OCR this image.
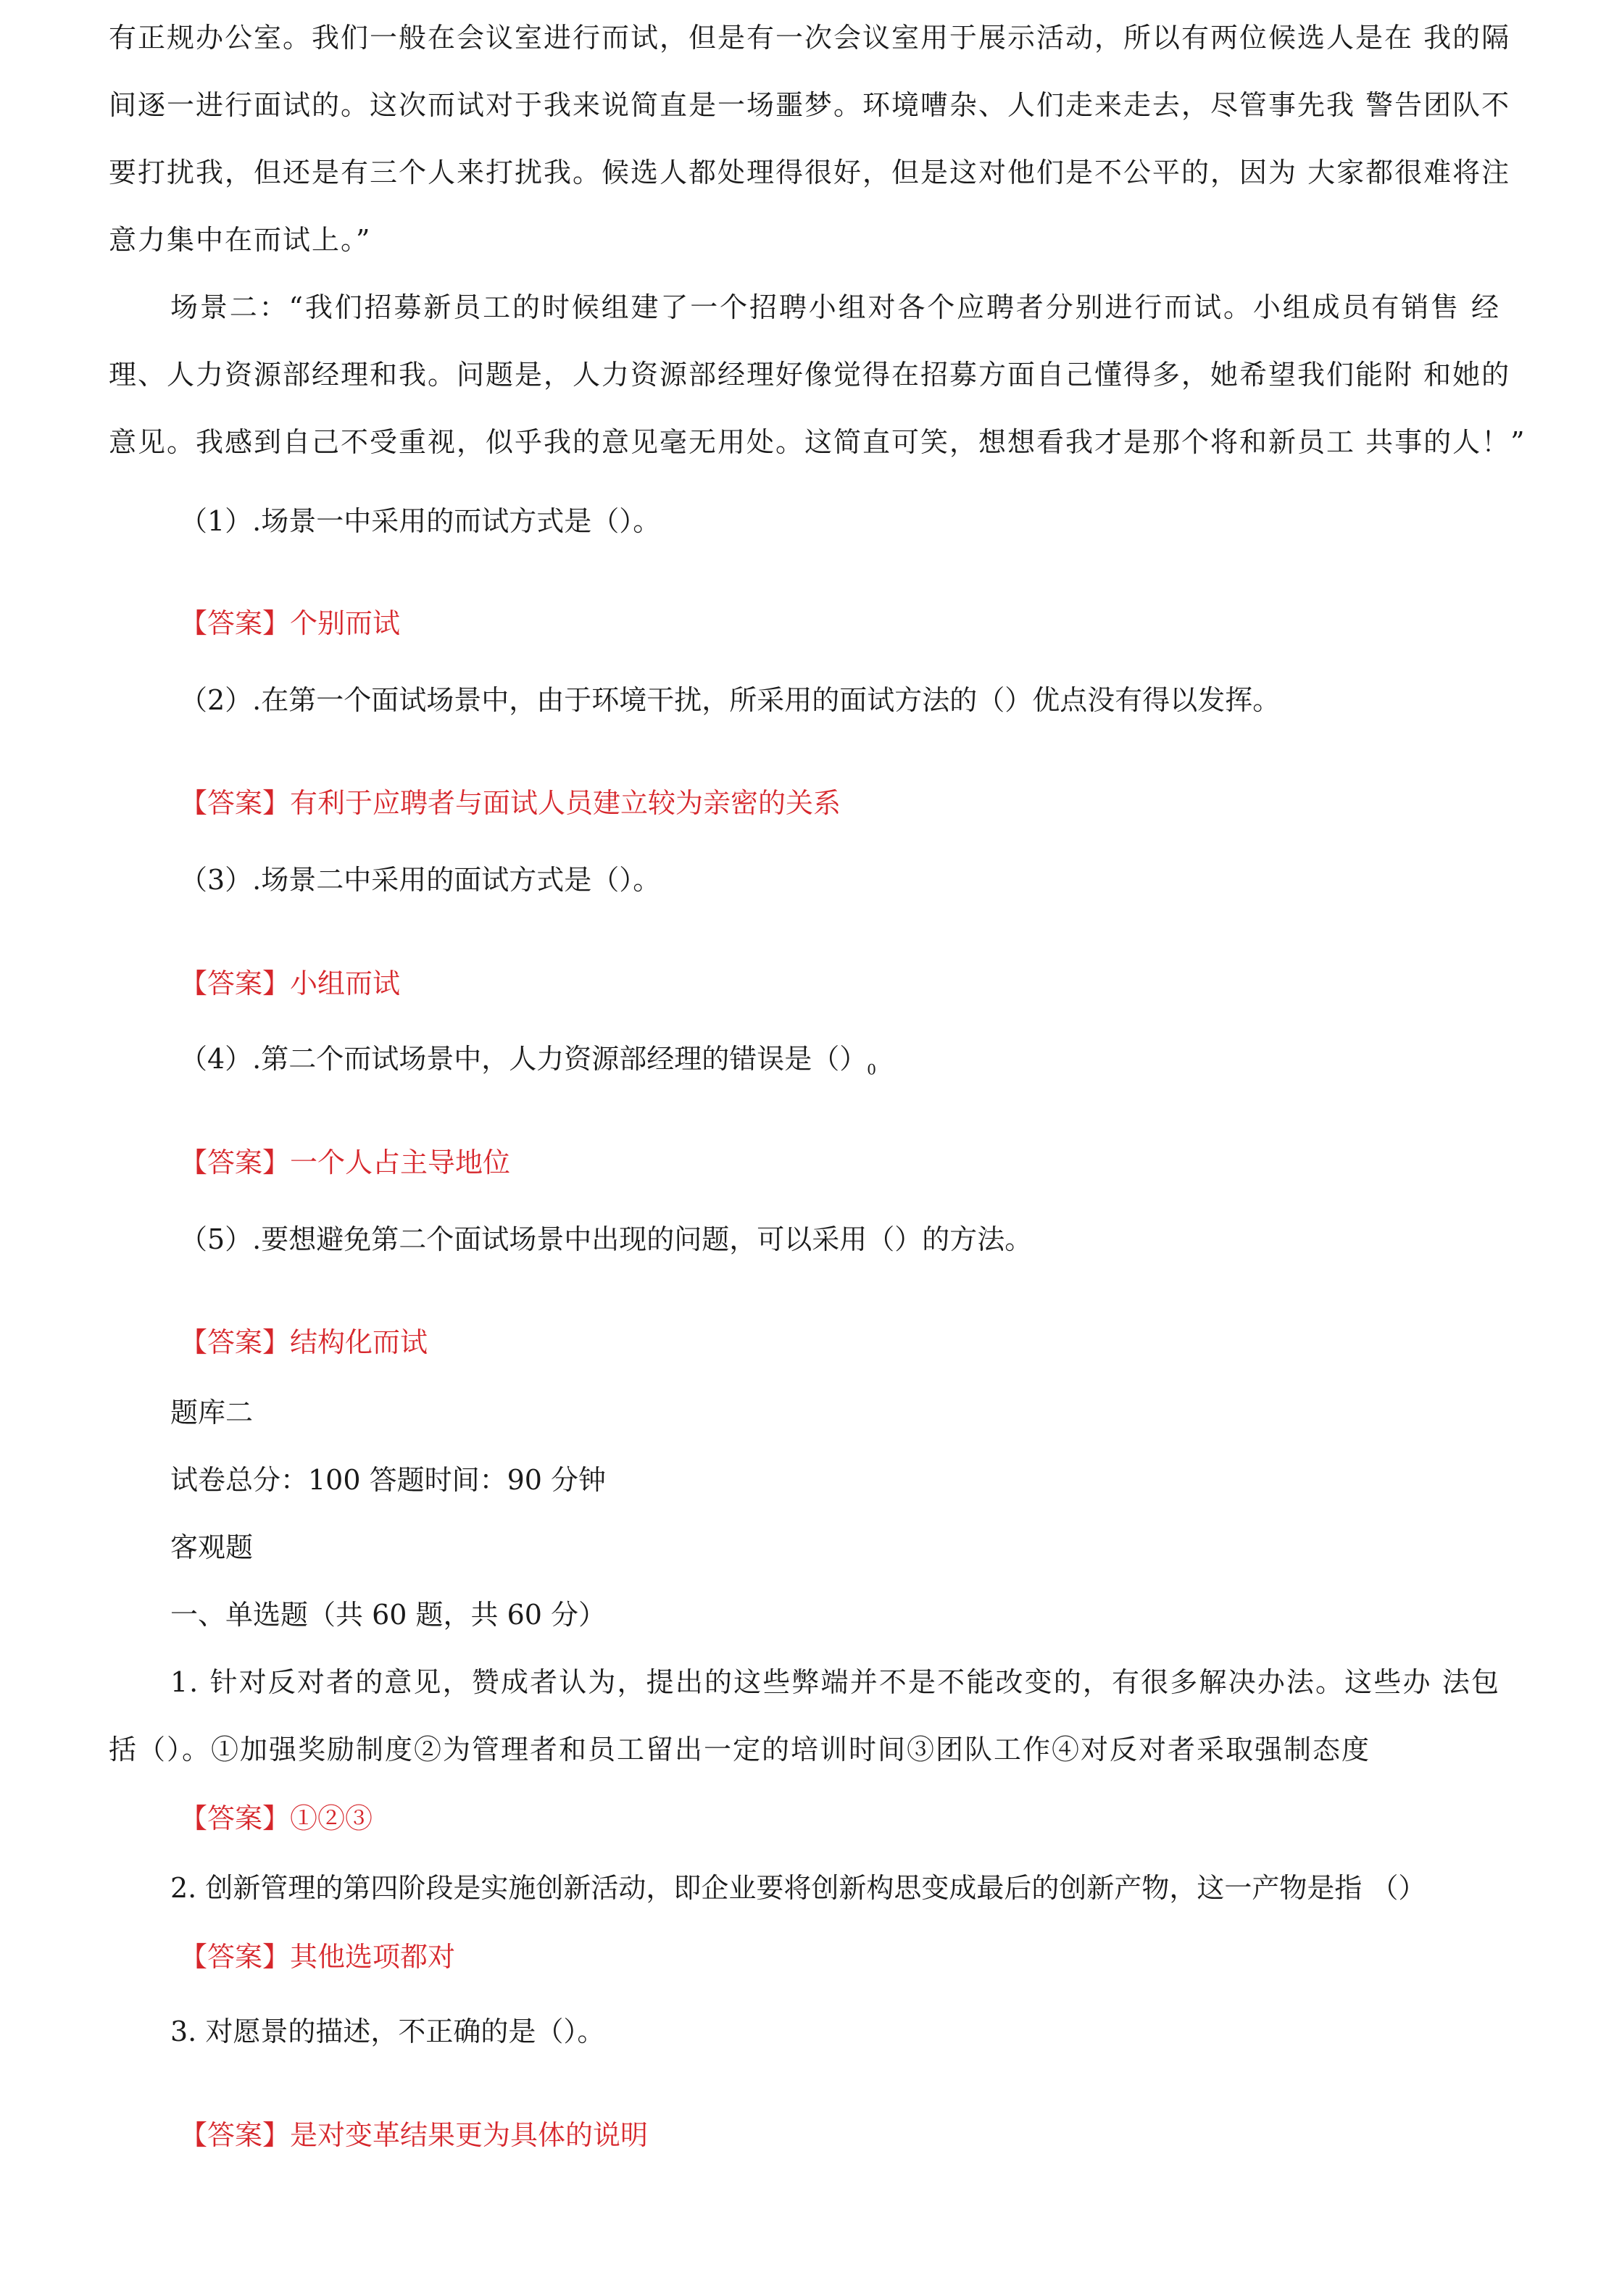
有正规办公室。我们一般在会议室进行而试，但是有一次会议室用于展示活动，所以有两位候选人是在 我的隔

间逐一进行面试的。这次而试对于我来说简直是一场噩梦。环境嘈杂、人们走来走去，尽管事先我 警告团队不

要打扰我，但还是有三个人来打扰我。候选人都处理得很好，但是这对他们是不公平的，因为 大家都很难将注

意力集中在而试上。”

场景二：“我们招募新员工的时候组建了一个招聘小组对各个应聘者分别进行而试。小组成员有销售 经

理、人力资源部经理和我。问题是，人力资源部经理好像觉得在招募方面自己懂得多，她希望我们能附 和她的

意见。我感到自己不受重视，似乎我的意见毫无用处。这简直可笑，想想看我才是那个将和新员工 共事的人！”

（1）.场景一中采用的而试方式是（）。

【答案】个别而试

（2）.在第一个面试场景中，由于环境干扰，所采用的面试方法的（）优点没有得以发挥。

【答案】有利于应聘者与面试人员建立较为亲密的关系

（3）.场景二中采用的面试方式是（）。

【答案】小组而试

（4）.第二个而试场景中，人力资源部经理的错误是$()_0$

【答案】一个人占主导地位

（5）.要想避免第二个面试场景中出现的问题，可以采用（）的方法。

【答案】结构化而试

题库二

试卷总分：100 答题时间：90 分钟

客观题

一、单选题（共 60 题，共 60 分）

1. 针对反对者的意见，赞成者认为，提出的这些弊端并不是不能改变的，有很多解决办法。这些办 法包

括（）。①加强奖励制度②为管理者和员工留出一定的培训时间③团队工作④对反对者采取强制态度

【答案】①②③

2. 创新管理的第四阶段是实施创新活动，即企业要将创新构思变成最后的创新产物，这一产物是指 （）

【答案】其他选项都对

3. 对愿景的描述，不正确的是（）。

【答案】是对变革结果更为具体的说明
